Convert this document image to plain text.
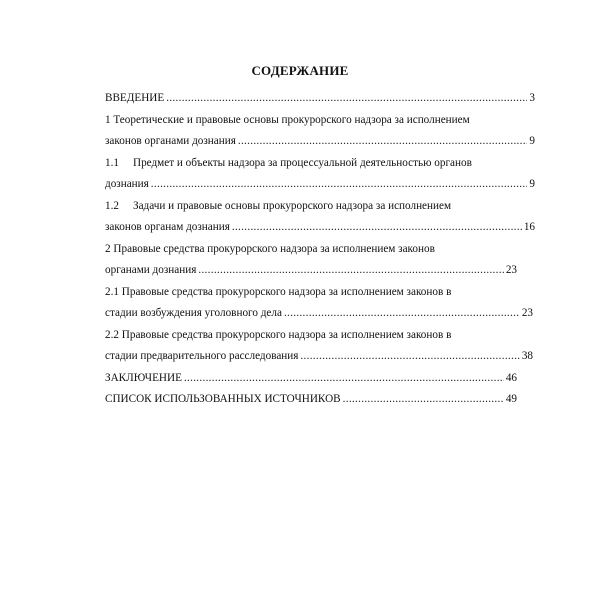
СОДЕРЖАНИЕ
ВВЕДЕНИЕ .....	3
1 Теоретические и правовые основы прокурорского надзора за исполнением
законов органами дознания .....	9
1.1 Предмет и объекты надзора за процессуальной деятельностью органов
дознания .....	9
1.2 Задачи и правовые основы прокурорского надзора за исполнением
законов органам дознания .....	16
2 Правовые средства прокурорского надзора за исполнением законов
органами дознания .....	23
2.1 Правовые средства прокурорского надзора за исполнением законов в
стадии возбуждения уголовного дела .....	23
2.2 Правовые средства прокурорского надзора за исполнением законов в
стадии предварительного расследования .....	38
ЗАКЛЮЧЕНИЕ .....	46
СПИСОК ИСПОЛЬЗОВАННЫХ ИСТОЧНИКОВ .....	49
